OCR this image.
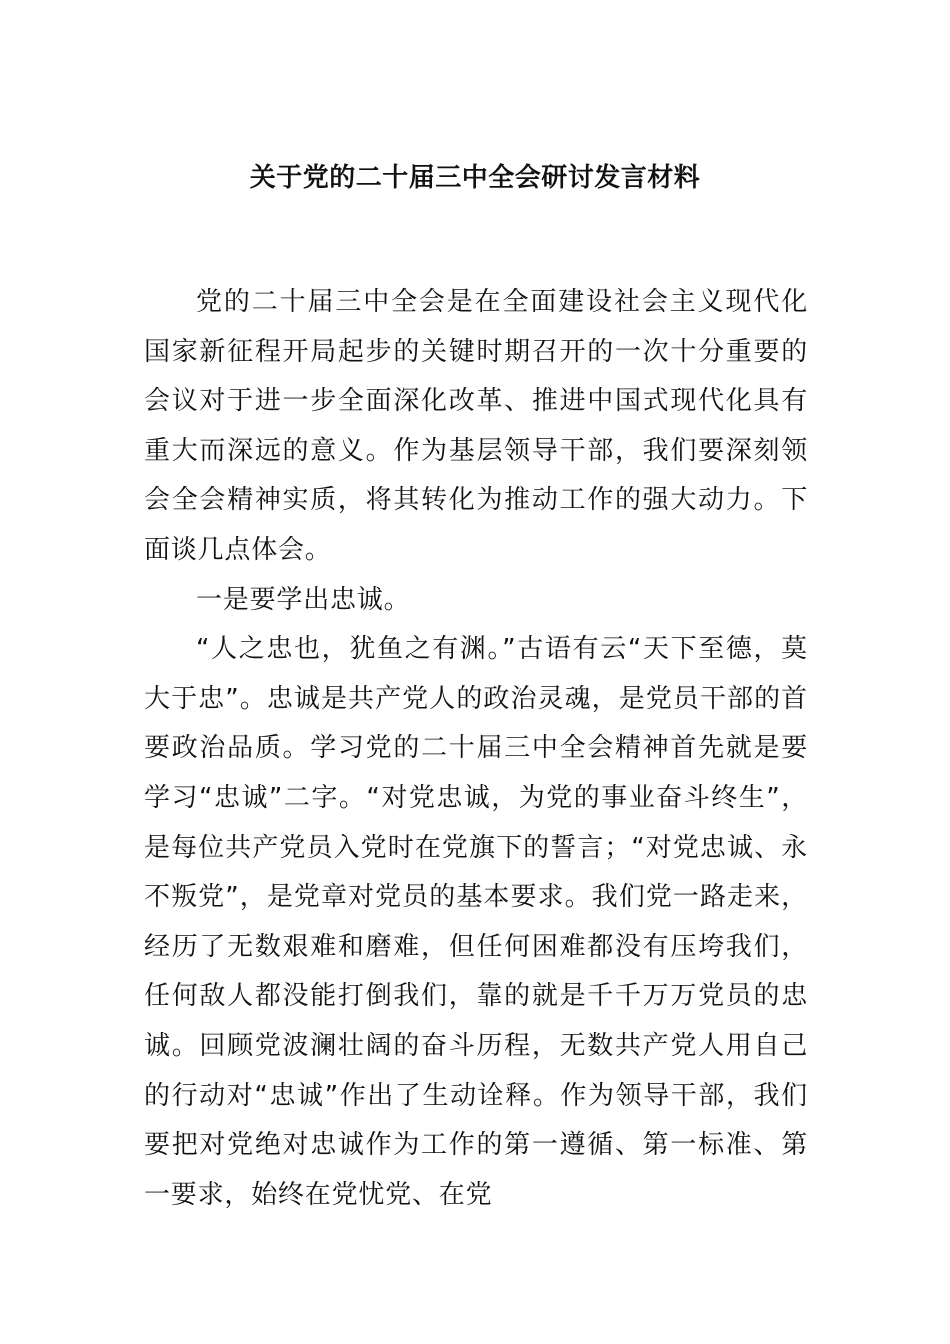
关于党的二十届三中全会研讨发言材料

党的二十届三中全会是在全面建设社会主义现代化国家新征程开局起步的关键时期召开的一次十分重要的会议对于进一步全面深化改革、推进中国式现代化具有重大而深远的意义。作为基层领导干部，我们要深刻领会全会精神实质，将其转化为推动工作的强大动力。下面谈几点体会。

一是要学出忠诚。

“人之忠也，犹鱼之有渊。”古语有云“天下至德，莫大于忠”。忠诚是共产党人的政治灵魂，是党员干部的首要政治品质。学习党的二十届三中全会精神首先就是要学习“忠诚”二字。“对党忠诚，为党的事业奋斗终生”，是每位共产党员入党时在党旗下的誓言；“对党忠诚、永不叛党”，是党章对党员的基本要求。我们党一路走来，经历了无数艰难和磨难，但任何困难都没有压垮我们，任何敌人都没能打倒我们，靠的就是千千万万党员的忠诚。回顾党波澜壮阔的奋斗历程，无数共产党人用自己的行动对“忠诚”作出了生动诠释。作为领导干部，我们要把对党绝对忠诚作为工作的第一遵循、第一标准、第一要求，始终在党忧党、在党
